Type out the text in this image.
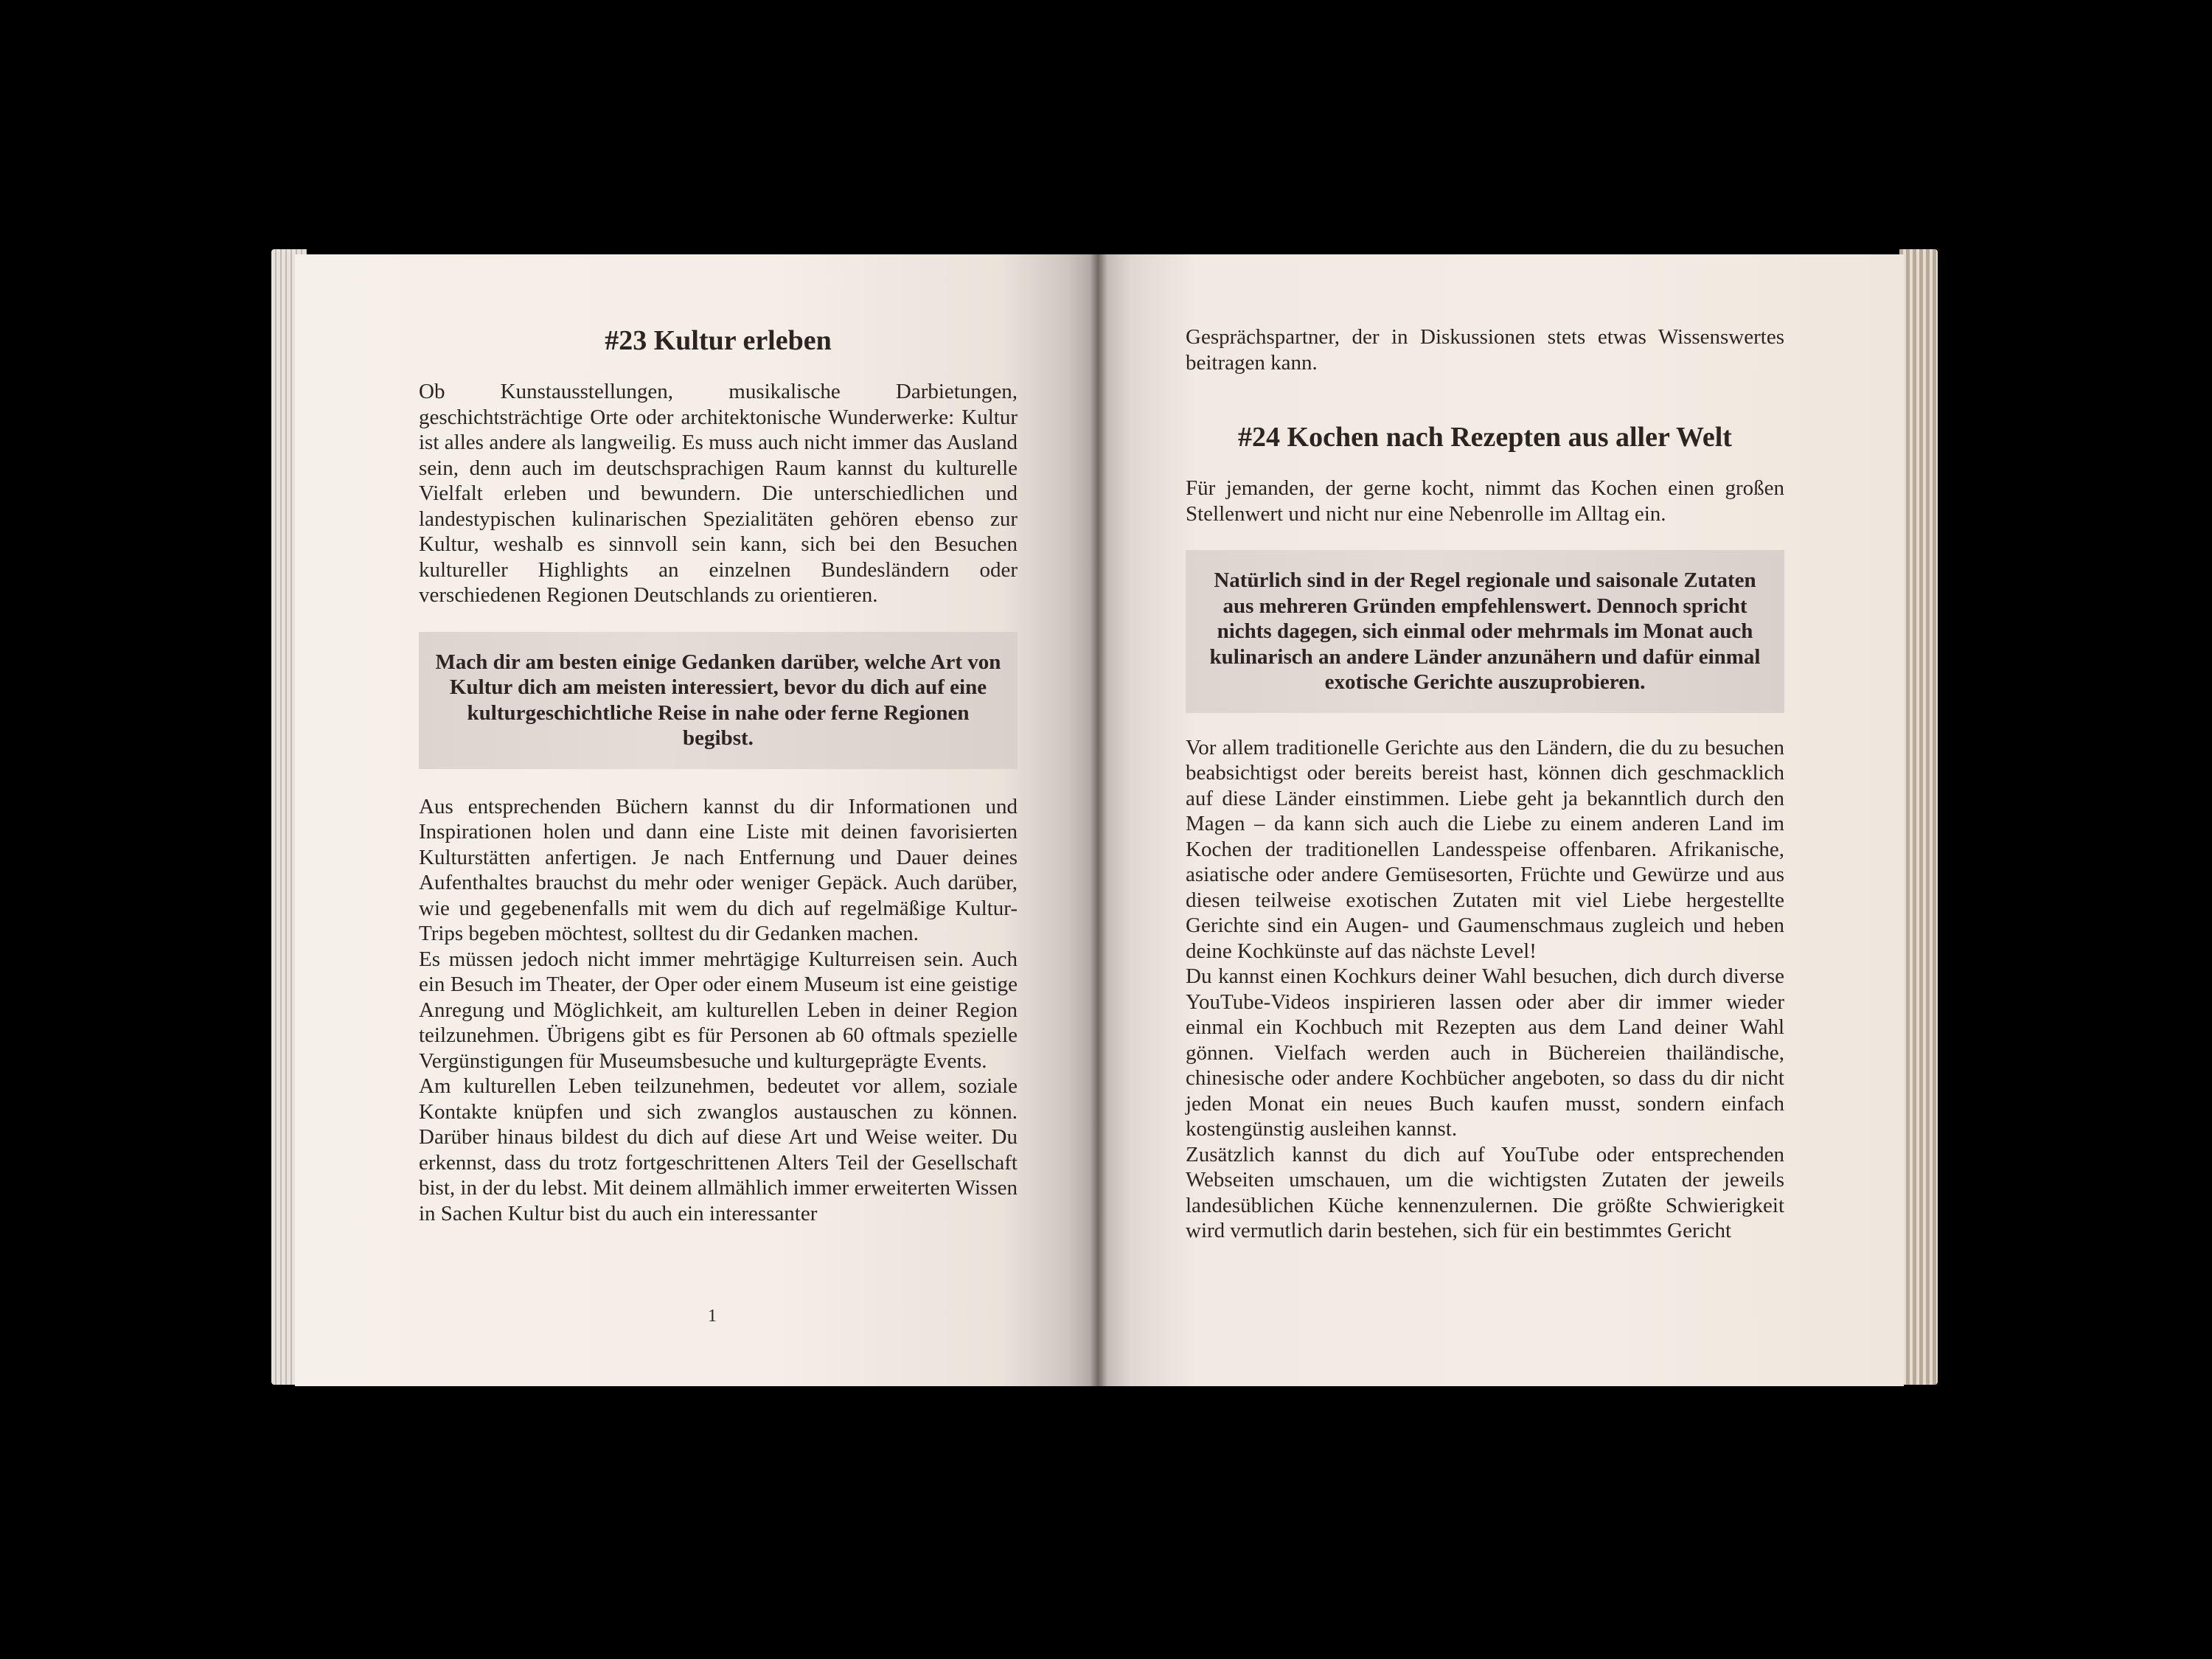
#23 Kultur erleben

Ob Kunstausstellungen, musikalische Darbietungen, geschichtsträchtige Orte oder architektonische Wunderwerke: Kultur ist alles andere als langweilig. Es muss auch nicht immer das Ausland sein, denn auch im deutschsprachigen Raum kannst du kulturelle Vielfalt erleben und bewundern. Die unterschiedlichen und landestypischen kulinarischen Spezialitäten gehören ebenso zur Kultur, weshalb es sinnvoll sein kann, sich bei den Besuchen kultureller Highlights an einzelnen Bundesländern oder verschiedenen Regionen Deutschlands zu orientieren.

Mach dir am besten einige Gedanken darüber, welche Art von Kultur dich am meisten interessiert, bevor du dich auf eine kulturgeschichtliche Reise in nahe oder ferne Regionen begibst.

Aus entsprechenden Büchern kannst du dir Informationen und Inspirationen holen und dann eine Liste mit deinen favorisierten Kulturstätten anfertigen. Je nach Entfernung und Dauer deines Aufenthaltes brauchst du mehr oder weniger Gepäck. Auch darüber, wie und gegebenenfalls mit wem du dich auf regelmäßige Kultur-Trips begeben möchtest, solltest du dir Gedanken machen.

Es müssen jedoch nicht immer mehrtägige Kulturreisen sein. Auch ein Besuch im Theater, der Oper oder einem Museum ist eine geistige Anregung und Möglichkeit, am kulturellen Leben in deiner Region teilzunehmen. Übrigens gibt es für Personen ab 60 oftmals spezielle Vergünstigungen für Museumsbesuche und kulturgeprägte Events.

Am kulturellen Leben teilzunehmen, bedeutet vor allem, soziale Kontakte knüpfen und sich zwanglos austauschen zu können. Darüber hinaus bildest du dich auf diese Art und Weise weiter. Du erkennst, dass du trotz fortgeschrittenen Alters Teil der Gesellschaft bist, in der du lebst. Mit deinem allmählich immer erweiterten Wissen in Sachen Kultur bist du auch ein interessanter

1

Gesprächspartner, der in Diskussionen stets etwas Wissenswertes beitragen kann.

#24 Kochen nach Rezepten aus aller Welt

Für jemanden, der gerne kocht, nimmt das Kochen einen großen Stellenwert und nicht nur eine Nebenrolle im Alltag ein.

Natürlich sind in der Regel regionale und saisonale Zutaten aus mehreren Gründen empfehlenswert. Dennoch spricht nichts dagegen, sich einmal oder mehrmals im Monat auch kulinarisch an andere Länder anzunähern und dafür einmal exotische Gerichte auszuprobieren.

Vor allem traditionelle Gerichte aus den Ländern, die du zu besuchen beabsichtigst oder bereits bereist hast, können dich geschmacklich auf diese Länder einstimmen. Liebe geht ja bekanntlich durch den Magen – da kann sich auch die Liebe zu einem anderen Land im Kochen der traditionellen Landesspeise offenbaren. Afrikanische, asiatische oder andere Gemüsesorten, Früchte und Gewürze und aus diesen teilweise exotischen Zutaten mit viel Liebe hergestellte Gerichte sind ein Augen- und Gaumenschmaus zugleich und heben deine Kochkünste auf das nächste Level!

Du kannst einen Kochkurs deiner Wahl besuchen, dich durch diverse YouTube-Videos inspirieren lassen oder aber dir immer wieder einmal ein Kochbuch mit Rezepten aus dem Land deiner Wahl gönnen. Vielfach werden auch in Büchereien thailändische, chinesische oder andere Kochbücher angeboten, so dass du dir nicht jeden Monat ein neues Buch kaufen musst, sondern einfach kostengünstig ausleihen kannst.

Zusätzlich kannst du dich auf YouTube oder entsprechenden Webseiten umschauen, um die wichtigsten Zutaten der jeweils landesüblichen Küche kennenzulernen. Die größte Schwierigkeit wird vermutlich darin bestehen, sich für ein bestimmtes Gericht
